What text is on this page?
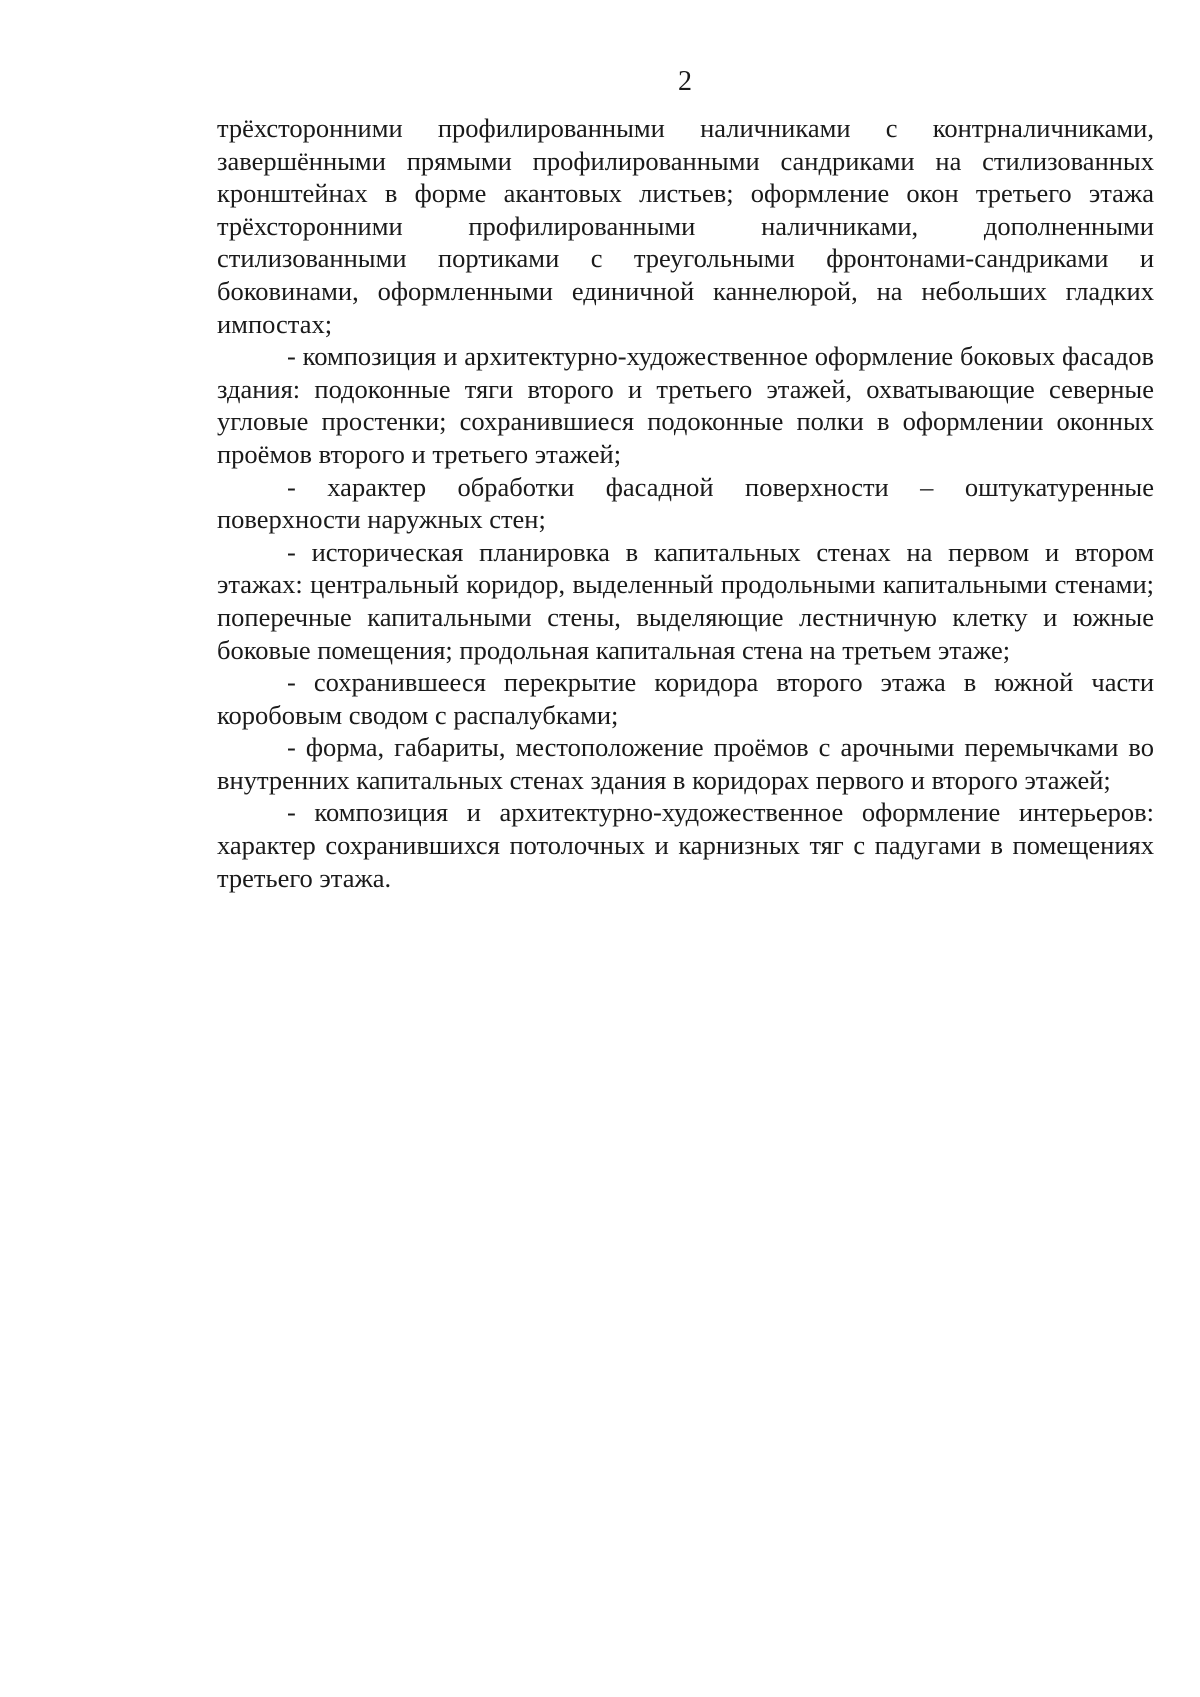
2

трёхсторонними профилированными наличниками с контрналичниками, завершёнными прямыми профилированными сандриками на стилизованных кронштейнах в форме акантовых листьев; оформление окон третьего этажа трёхсторонними профилированными наличниками, дополненными стилизованными портиками с треугольными фронтонами-сандриками и боковинами, оформленными единичной каннелюрой, на небольших гладких импостах;

- композиция и архитектурно-художественное оформление боковых фасадов здания: подоконные тяги второго и третьего этажей, охватывающие северные угловые простенки; сохранившиеся подоконные полки в оформлении оконных проёмов второго и третьего этажей;

- характер обработки фасадной поверхности – оштукатуренные поверхности наружных стен;

- историческая планировка в капитальных стенах на первом и втором этажах: центральный коридор, выделенный продольными капитальными стенами; поперечные капитальными стены, выделяющие лестничную клетку и южные боковые помещения; продольная капитальная стена на третьем этаже;

- сохранившееся перекрытие коридора второго этажа в южной части коробовым сводом с распалубками;

- форма, габариты, местоположение проёмов с арочными перемычками во внутренних капитальных стенах здания в коридорах первого и второго этажей;

- композиция и архитектурно-художественное оформление интерьеров: характер сохранившихся потолочных и карнизных тяг с падугами в помещениях третьего этажа.
